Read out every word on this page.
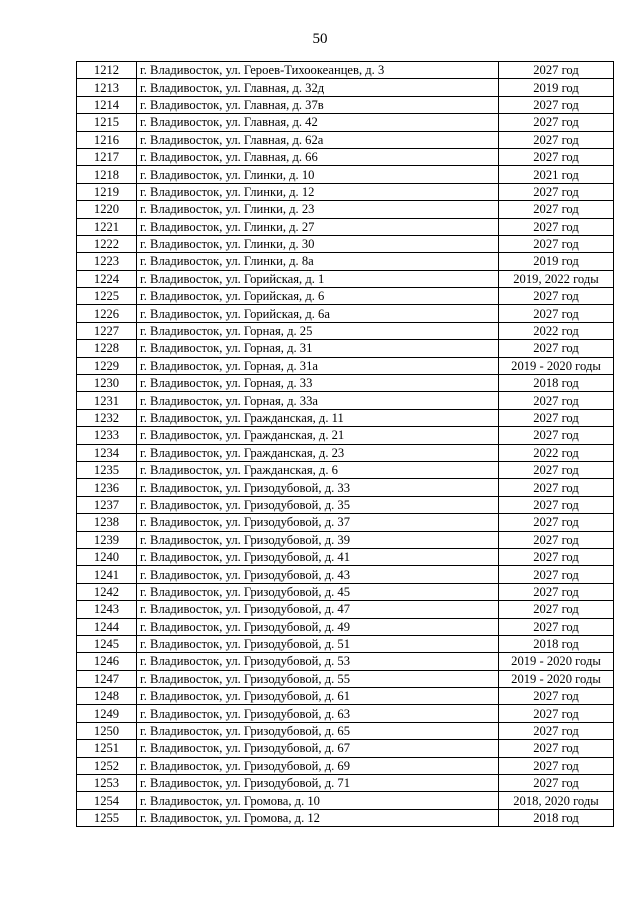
50
1212	г. Владивосток, ул. Героев-Тихоокеанцев, д. 3	2027 год
1213	г. Владивосток, ул. Главная, д. 32д	2019 год
1214	г. Владивосток, ул. Главная, д. 37в	2027 год
1215	г. Владивосток, ул. Главная, д. 42	2027 год
1216	г. Владивосток, ул. Главная, д. 62а	2027 год
1217	г. Владивосток, ул. Главная, д. 66	2027 год
1218	г. Владивосток, ул. Глинки, д. 10	2021 год
1219	г. Владивосток, ул. Глинки, д. 12	2027 год
1220	г. Владивосток, ул. Глинки, д. 23	2027 год
1221	г. Владивосток, ул. Глинки, д. 27	2027 год
1222	г. Владивосток, ул. Глинки, д. 30	2027 год
1223	г. Владивосток, ул. Глинки, д. 8а	2019 год
1224	г. Владивосток, ул. Горийская, д. 1	2019, 2022 годы
1225	г. Владивосток, ул. Горийская, д. 6	2027 год
1226	г. Владивосток, ул. Горийская, д. 6а	2027 год
1227	г. Владивосток, ул. Горная, д. 25	2022 год
1228	г. Владивосток, ул. Горная, д. 31	2027 год
1229	г. Владивосток, ул. Горная, д. 31а	2019 - 2020 годы
1230	г. Владивосток, ул. Горная, д. 33	2018 год
1231	г. Владивосток, ул. Горная, д. 33а	2027 год
1232	г. Владивосток, ул. Гражданская, д. 11	2027 год
1233	г. Владивосток, ул. Гражданская, д. 21	2027 год
1234	г. Владивосток, ул. Гражданская, д. 23	2022 год
1235	г. Владивосток, ул. Гражданская, д. 6	2027 год
1236	г. Владивосток, ул. Гризодубовой, д. 33	2027 год
1237	г. Владивосток, ул. Гризодубовой, д. 35	2027 год
1238	г. Владивосток, ул. Гризодубовой, д. 37	2027 год
1239	г. Владивосток, ул. Гризодубовой, д. 39	2027 год
1240	г. Владивосток, ул. Гризодубовой, д. 41	2027 год
1241	г. Владивосток, ул. Гризодубовой, д. 43	2027 год
1242	г. Владивосток, ул. Гризодубовой, д. 45	2027 год
1243	г. Владивосток, ул. Гризодубовой, д. 47	2027 год
1244	г. Владивосток, ул. Гризодубовой, д. 49	2027 год
1245	г. Владивосток, ул. Гризодубовой, д. 51	2018 год
1246	г. Владивосток, ул. Гризодубовой, д. 53	2019 - 2020 годы
1247	г. Владивосток, ул. Гризодубовой, д. 55	2019 - 2020 годы
1248	г. Владивосток, ул. Гризодубовой, д. 61	2027 год
1249	г. Владивосток, ул. Гризодубовой, д. 63	2027 год
1250	г. Владивосток, ул. Гризодубовой, д. 65	2027 год
1251	г. Владивосток, ул. Гризодубовой, д. 67	2027 год
1252	г. Владивосток, ул. Гризодубовой, д. 69	2027 год
1253	г. Владивосток, ул. Гризодубовой, д. 71	2027 год
1254	г. Владивосток, ул. Громова, д. 10	2018, 2020 годы
1255	г. Владивосток, ул. Громова, д. 12	2018 год
